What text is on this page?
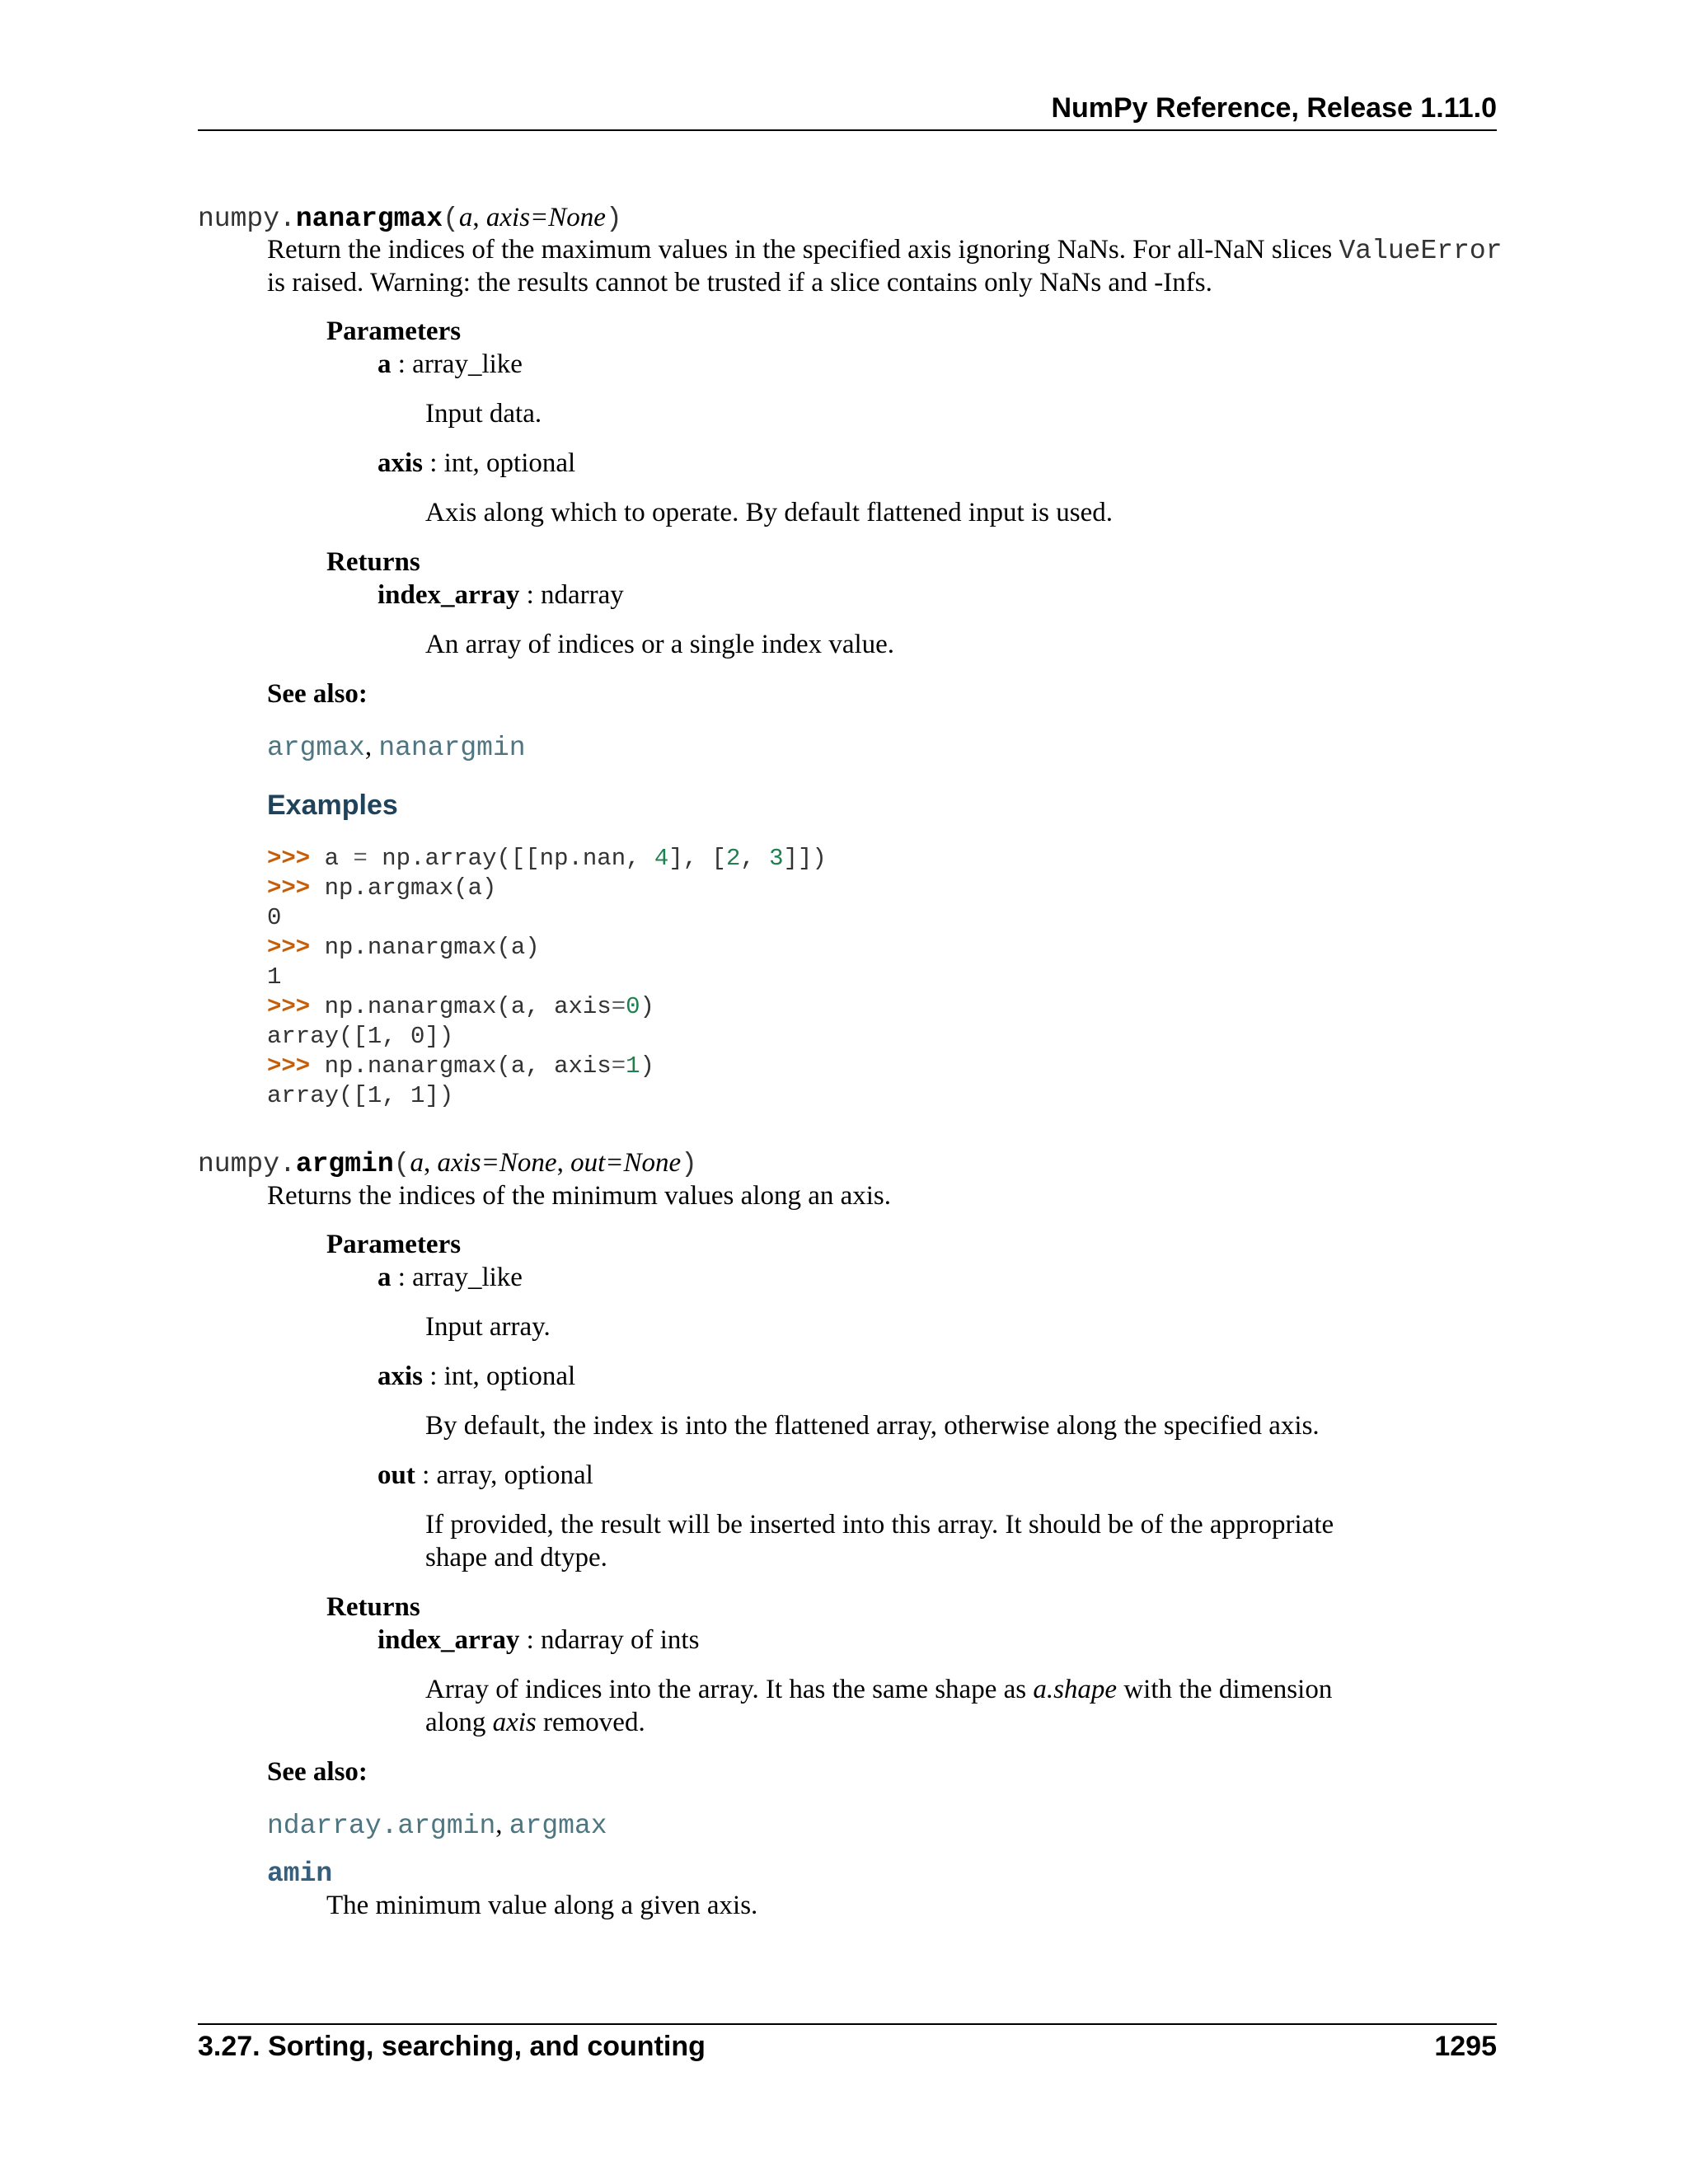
NumPy Reference, Release 1.11.0
numpy.nanargmax(a, axis=None)
Return the indices of the maximum values in the specified axis ignoring NaNs. For all-NaN slices ValueError
is raised. Warning: the results cannot be trusted if a slice contains only NaNs and -Infs.
Parameters
a : array_like
Input data.
axis : int, optional
Axis along which to operate. By default flattened input is used.
Returns
index_array : ndarray
An array of indices or a single index value.
See also:
argmax, nanargmin
Examples
>>> a = np.array([[np.nan, 4], [2, 3]])
>>> np.argmax(a)
0
>>> np.nanargmax(a)
1
>>> np.nanargmax(a, axis=0)
array([1, 0])
>>> np.nanargmax(a, axis=1)
array([1, 1])
numpy.argmin(a, axis=None, out=None)
Returns the indices of the minimum values along an axis.
Parameters
a : array_like
Input array.
axis : int, optional
By default, the index is into the flattened array, otherwise along the specified axis.
out : array, optional
If provided, the result will be inserted into this array. It should be of the appropriate
shape and dtype.
Returns
index_array : ndarray of ints
Array of indices into the array. It has the same shape as a.shape with the dimension
along axis removed.
See also:
ndarray.argmin, argmax
amin
The minimum value along a given axis.
3.27. Sorting, searching, and counting	1295
